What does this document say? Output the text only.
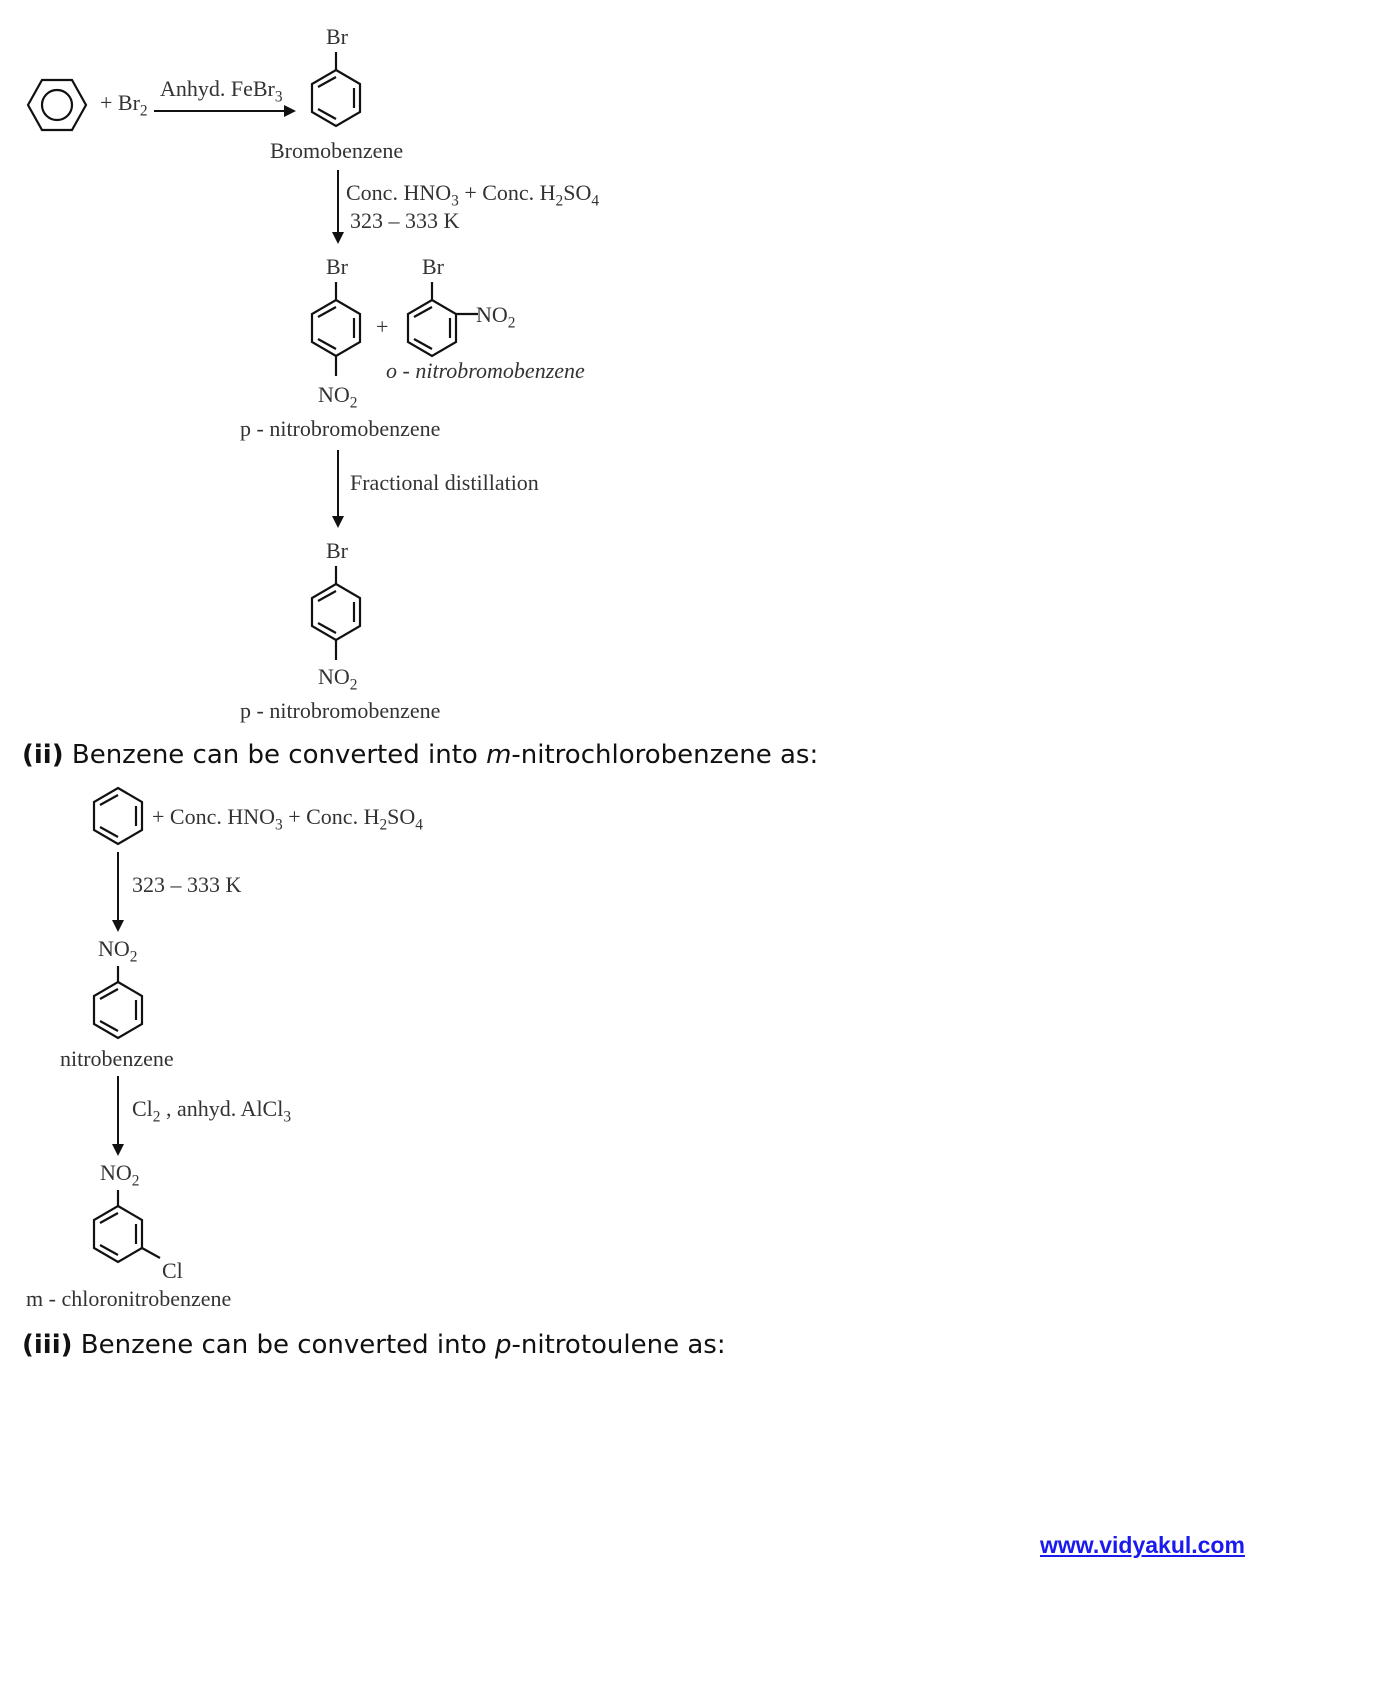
+ $Br_2$
Anhyd. FeBr$_3$
Br
Bromobenzene
Conc. $HNO_3$ + Conc. $H_2SO_4$
323 – 333 K
Br
+
Br
$NO_2$
o - nitrobromobenzene
$NO_2$
p - nitrobromobenzene
Fractional distillation
Br
$NO_2$
p - nitrobromobenzene
(ii) Benzene can be converted into m-nitrochlorobenzene as:
+ Conc. $HNO_3$ + Conc. $H_2SO_4$
323 – 333 K
$NO_2$
nitrobenzene
$Cl_2$ , anhyd. AlCl$_3$
$NO_2$
Cl
m - chloronitrobenzene
(iii) Benzene can be converted into p-nitrotoulene as:
www.vidyakul.com
